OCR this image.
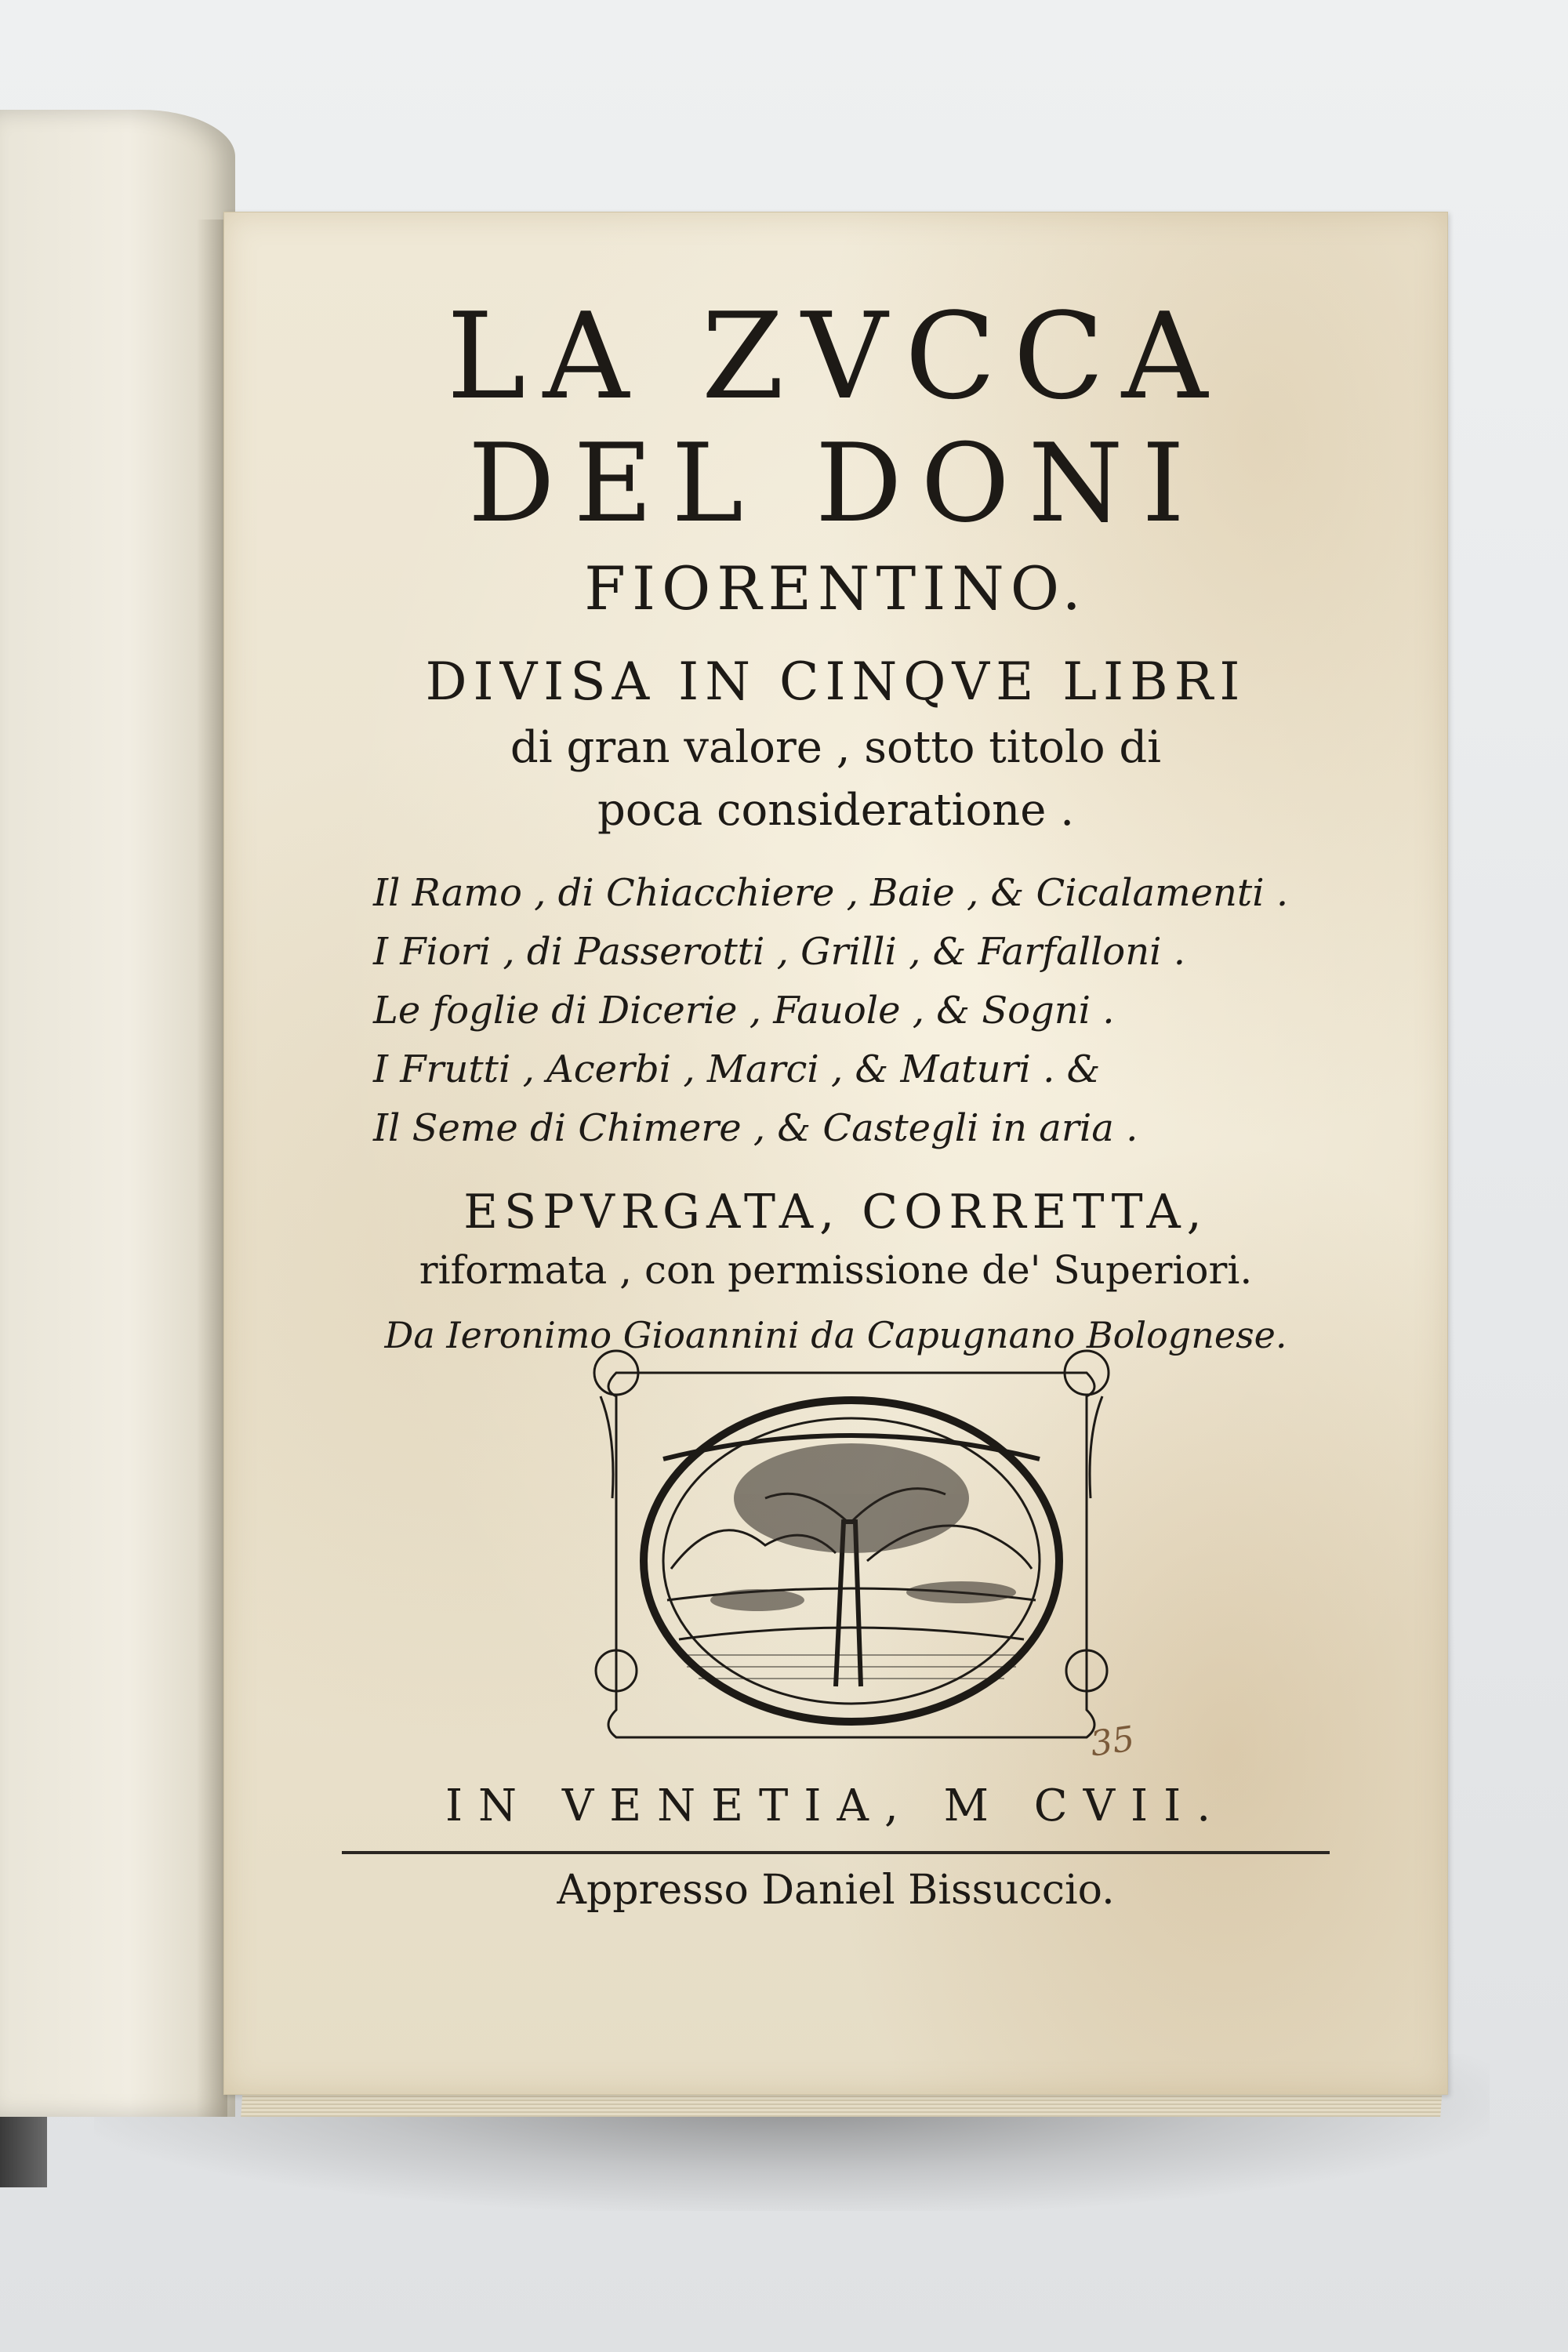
LA ZVCCA
DEL DONI
FIORENTINO.
DIVISA IN CINQVE LIBRI
di gran valore , sotto titolo di
poca consideratione .
Il Ramo , di Chiacchiere , Baie , & Cicalamenti .
I Fiori , di Passerotti , Grilli , & Farfalloni .
Le foglie di Dicerie , Fauole , & Sogni .
I Frutti , Acerbi , Marci , & Maturi . &
Il Seme di Chimere , & Castegli in aria .
ESPVRGATA, CORRETTA,
riformata , con permissione de' Superiori.
Da Ieronimo Gioannini da Capugnano Bolognese.
35
IN VENETIA, M CVII.
Appresso Daniel Bissuccio.
